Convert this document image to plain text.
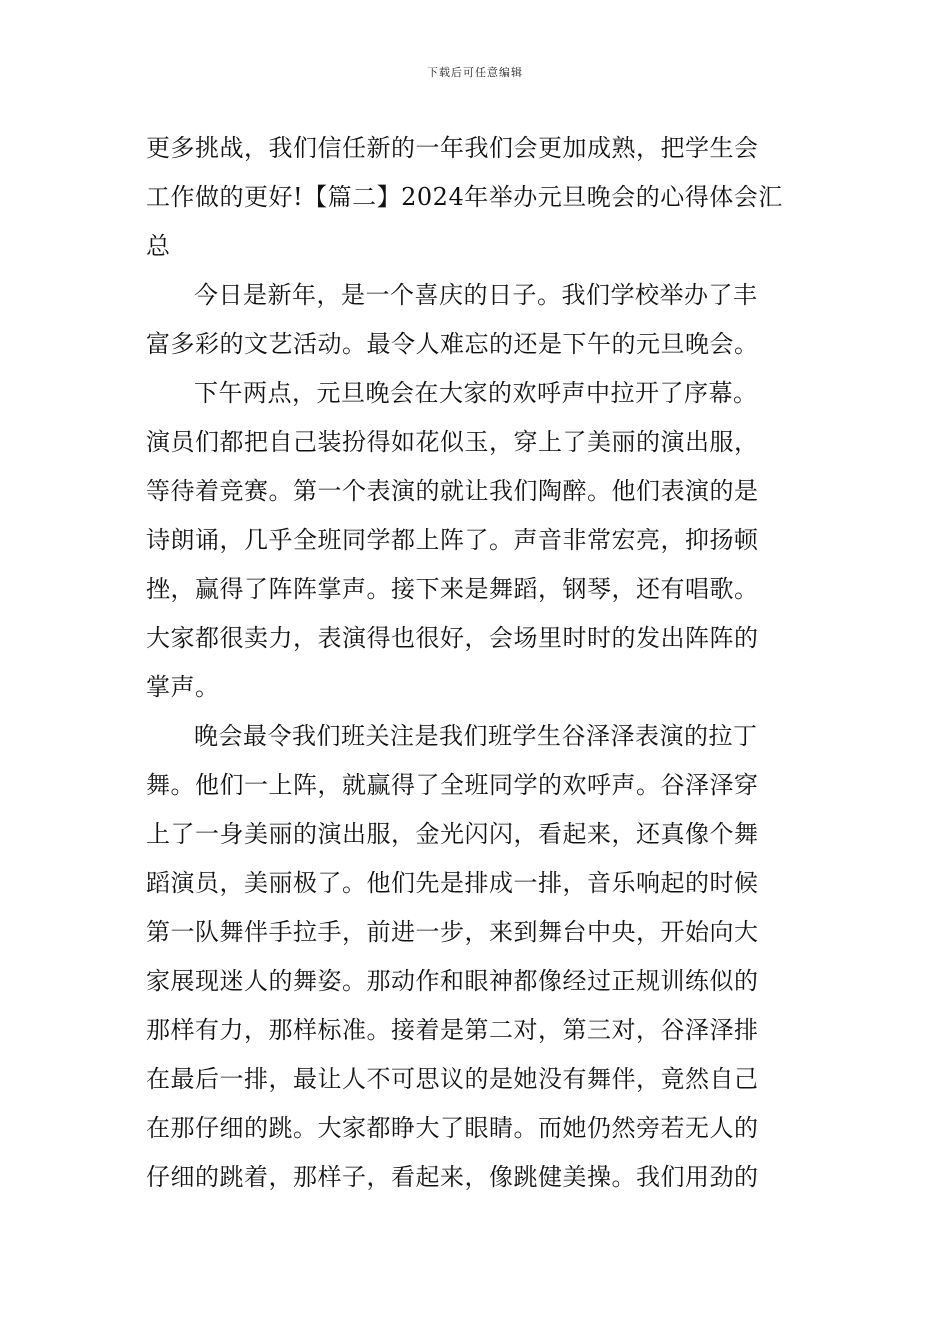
下载后可任意编辑
更多挑战，我们信任新的一年我们会更加成熟，把学生会
工作做的更好!【篇二】2024年举办元旦晚会的心得体会汇
总
今日是新年，是一个喜庆的日子。我们学校举办了丰
富多彩的文艺活动。最令人难忘的还是下午的元旦晚会。
下午两点，元旦晚会在大家的欢呼声中拉开了序幕。
演员们都把自己装扮得如花似玉，穿上了美丽的演出服，
等待着竞赛。第一个表演的就让我们陶醉。他们表演的是
诗朗诵，几乎全班同学都上阵了。声音非常宏亮，抑扬顿
挫，赢得了阵阵掌声。接下来是舞蹈，钢琴，还有唱歌。
大家都很卖力，表演得也很好，会场里时时的发出阵阵的
掌声。
晚会最令我们班关注是我们班学生谷泽泽表演的拉丁
舞。他们一上阵，就赢得了全班同学的欢呼声。谷泽泽穿
上了一身美丽的演出服，金光闪闪，看起来，还真像个舞
蹈演员，美丽极了。他们先是排成一排，音乐响起的时候
第一队舞伴手拉手，前进一步，来到舞台中央，开始向大
家展现迷人的舞姿。那动作和眼神都像经过正规训练似的
那样有力，那样标准。接着是第二对，第三对，谷泽泽排
在最后一排，最让人不可思议的是她没有舞伴，竟然自己
在那仔细的跳。大家都睁大了眼睛。而她仍然旁若无人的
仔细的跳着，那样子，看起来，像跳健美操。我们用劲的
